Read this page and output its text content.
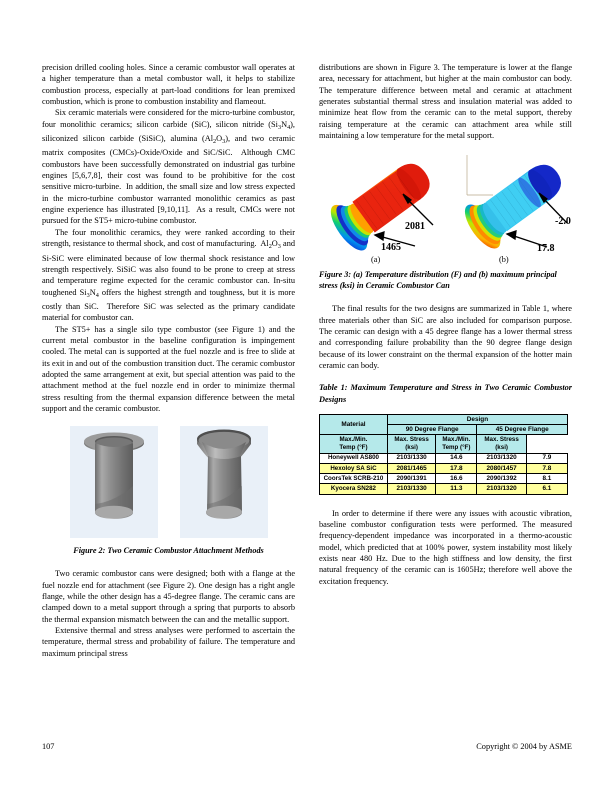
precision drilled cooling holes. Since a ceramic combustor wall operates at a higher temperature than a metal combustor wall, it helps to stabilize combustion process, especially at part-load conditions for lean premixed combustion, which is prone to combustion instability and flameout.

Six ceramic materials were considered for the micro-turbine combustor, four monolithic ceramics; silicon carbide (SiC), silicon nitride $(Si_3N_4)$, siliconized silicon carbide (SiSiC), alumina $(Al_2O_3)$, and two ceramic matrix composites (CMCs)-Oxide/Oxide and SiC/SiC.  Although CMC combustors have been successfully demonstrated on industrial gas turbine engines [5,6,7,8], their cost was found to be prohibitive for the cost sensitive micro-turbine.  In addition, the small size and low stress expected in the micro-turbine combustor warranted monolithic ceramics as past engine experience has illustrated [9,10,11].  As a result, CMCs were not pursued for the ST5+ micro-tubine combustor.

The four monolithic ceramics, they were ranked according to their strength, resistance to thermal shock, and cost of manufacturing.  $Al_2O_3$ and Si-SiC were eliminated because of low thermal shock resistance and low strength respectively. SiSiC was also found to be prone to creep at stress and temperature regime expected for the ceramic combustor can. In-situ toughened $Si_3N_4$ offers the highest strength and toughness, but it is more costly than SiC.  Therefore SiC was selected as the primary candidate material for combustor can.

The ST5+ has a single silo type combustor (see Figure 1) and the current metal combustor in the baseline configuration is impingement cooled. The metal can is supported at the fuel nozzle and is free to slide at its exit in and out of the combustion transition duct. The ceramic combustor adopted the same arrangement at exit, but special attention was paid to the attachment method at the fuel nozzle end in order to minimize thermal stress resulting from the thermal expansion difference between the metal support and the ceramic combustor.

Figure 2: Two Ceramic Combustor Attachment Methods

Two ceramic combustor cans were designed; both with a flange at the fuel nozzle end for attachment (see Figure 2). One design has a right angle flange, while the other design has a 45-degree flange. The ceramic cans are clamped down to a metal support through a spring that purports to absorb the thermal expansion mismatch between the can and the metallic support.

Extensive thermal and stress analyses were performed to ascertain the temperature, thermal stress and probability of failure. The temperature and maximum principal stress

distributions are shown in Figure 3. The temperature is lower at the flange area, necessary for attachment, but higher at the main combustor can body. The temperature difference between metal and ceramic at attachment generates substantial thermal stress and insulation material was added to minimize heat flow from the ceramic can to the metal support, thereby raising temperature at the ceramic can attachment area while still maintaining a low temperature for the metal support.

2081
1465
-2.0
17.8
(a)	(b)
Figure 3: (a) Temperature distribution (F) and (b) maximum principal stress (ksi) in Ceramic Combustor Can

The final results for the two designs are summarized in Table 1, where three materials other than SiC are also included for comparison purpose. The ceramic can design with a 45 degree flange has a lower thermal stress and corresponding failure probability than the 90 degree flange design because of its lower constraint on the thermal expansion of the hotter main ceramic can body.

Table 1: Maximum Temperature and Stress in Two Ceramic Combustor Designs
Material	Design			
	90 Degree Flange		45 Degree Flange	
Max./Min.
Temp (°F)	Max. Stress
(ksi)	Max./Min.
Temp (°F)	Max. Stress
(ksi)	
Honeywell AS800	2103/1330	14.6	2103/1320	7.9
Hexoloy SA SiC	2081/1465	17.8	2080/1457	7.8
CoorsTek SCRB-210	2090/1391	16.6	2090/1392	8.1
Kyocera SN282	2103/1330	11.3	2103/1320	6.1

In order to determine if there were any issues with acoustic vibration, baseline combustor configuration tests were performed. The measured frequency-dependent impedance was incorporated in a thermo-acoustic model, which predicted that at 100% power, system instability most likely exists near 480 Hz. Due to the high stiffness and low density, the first natural frequency of the ceramic can is 1605Hz; therefore well above the excitation frequency.

107	Copyright © 2004 by ASME
